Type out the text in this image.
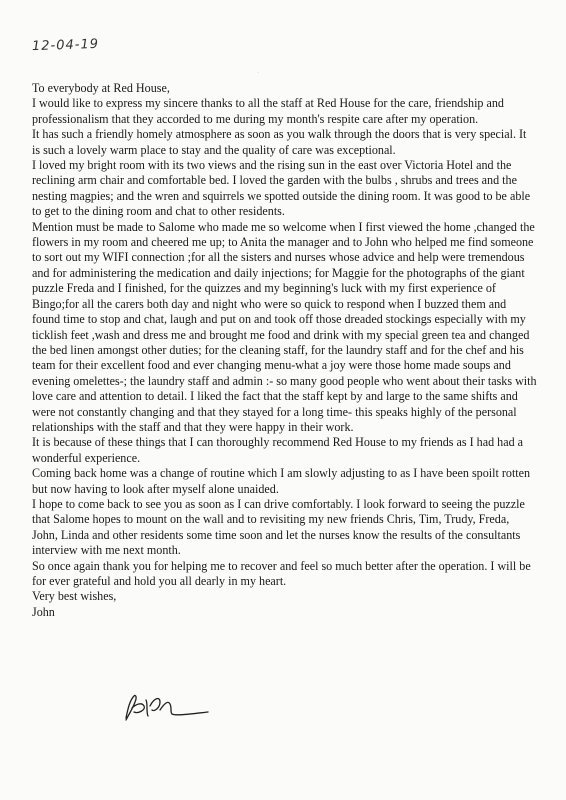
12-04-19
·

To everybody at Red House,

I would like to express my sincere thanks to all the staff at Red House for the care, friendship and professionalism that they accorded to me during my month's respite care after my operation.

It has such a friendly homely atmosphere as soon as you walk through the doors that is very special. It is such a lovely warm place to stay and the quality of care was exceptional.

I loved my bright room with its two views and the rising sun in the east over Victoria Hotel and the reclining arm chair and comfortable bed. I loved the garden with the bulbs , shrubs and trees and the nesting magpies; and the wren and squirrels we spotted outside the dining room. It was good to be able to get to the dining room and chat to other residents.

Mention must be made to Salome who made me so welcome when I first viewed the home ,changed the flowers in my room and cheered me up; to Anita the manager and to John who helped me find someone to sort out my WIFI connection ;for all the sisters and nurses whose advice and help were tremendous and for administering the medication and daily injections; for Maggie for the photographs of the giant puzzle Freda and I finished, for the quizzes and my beginning's luck with my first experience of Bingo;for all the carers both day and night who were so quick to respond when I buzzed them and found time to stop and chat, laugh and put on and took off those dreaded stockings especially with my ticklish feet ,wash and dress me and brought me food and drink with my special green tea and changed the bed linen amongst other duties; for the cleaning staff, for the laundry staff and for the chef and his team for their excellent food and ever changing menu-what a joy were those home made soups and evening omelettes-; the laundry staff and admin :- so many good people who went about their tasks with love care and attention to detail. I liked the fact that the staff kept by and large to the same shifts and were not constantly changing and that they stayed for a long time- this speaks highly of the personal relationships with the staff and that they were happy in their work.

It is because of these things that I can thoroughly recommend Red House to my friends as I had had a wonderful experience.

Coming back home was a change of routine which I am slowly adjusting to as I have been spoilt rotten but now having to look after myself alone unaided.

I hope to come back to see you as soon as I can drive comfortably. I look forward to seeing the puzzle that Salome hopes to mount on the wall and to revisiting my new friends Chris, Tim, Trudy, Freda, John, Linda and other residents some time soon and let the nurses know the results of the consultants interview with me next month.

So once again thank you for helping me to recover and feel so much better after the operation. I will be for ever grateful and hold you all dearly in my heart.

Very best wishes,

John
